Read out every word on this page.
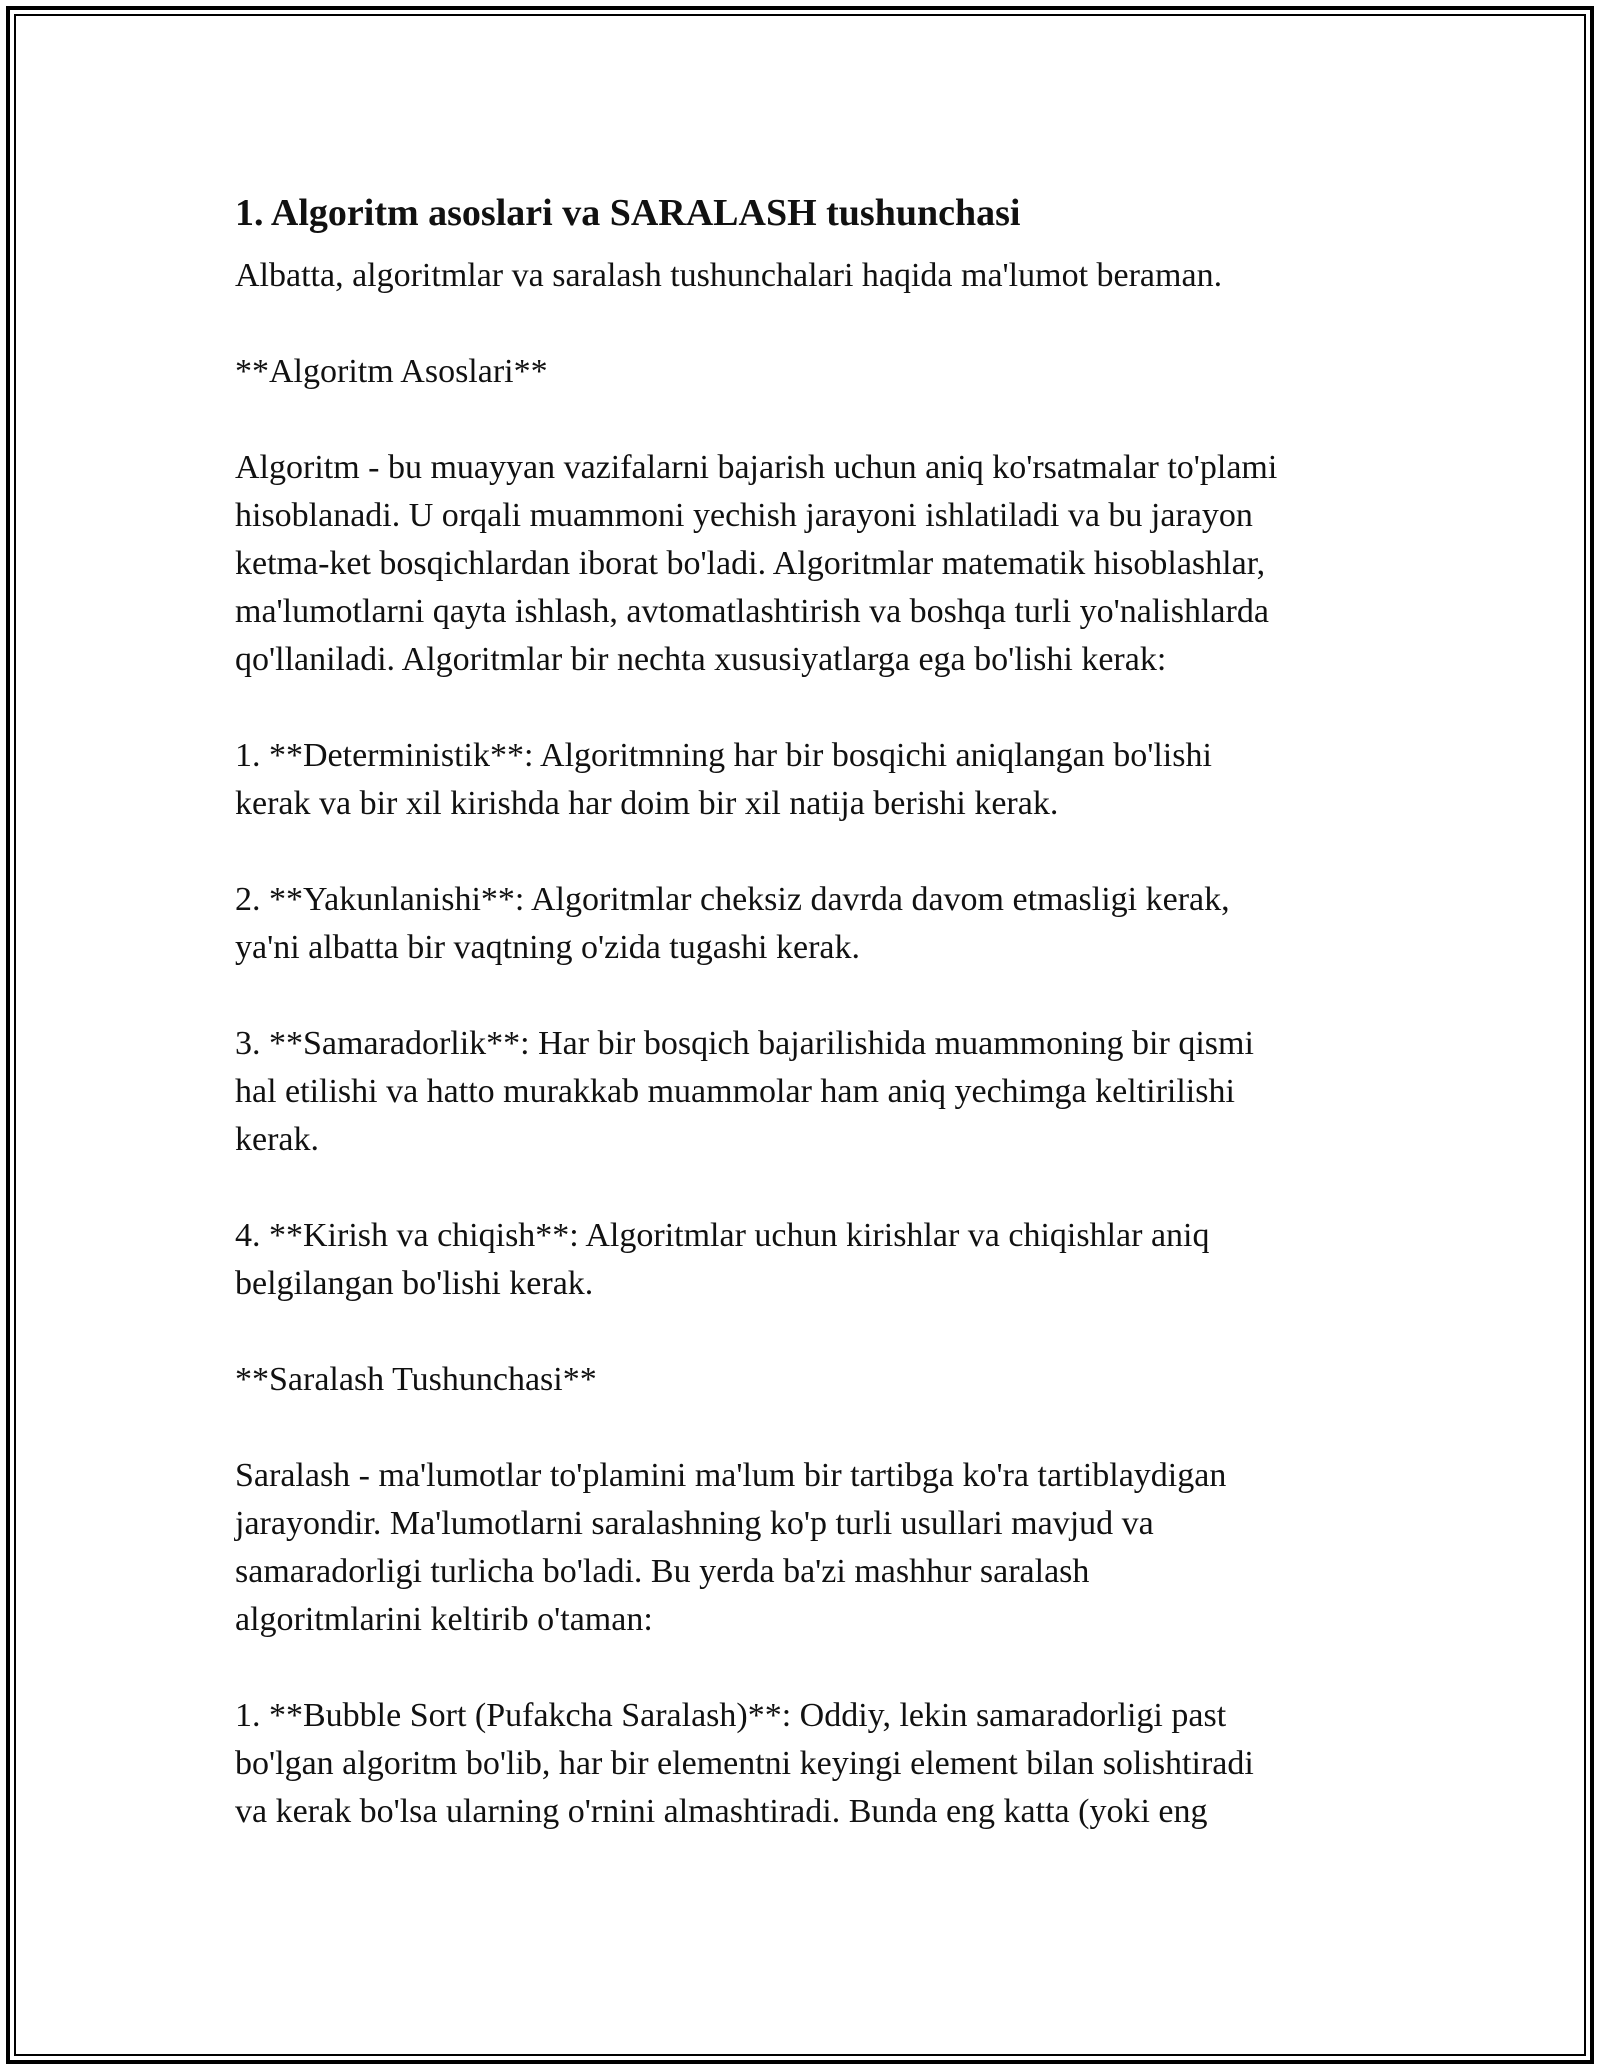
1. Algoritm asoslari va SARALASH tushunchasi

Albatta, algoritmlar va saralash tushunchalari haqida ma'lumot beraman.

**Algoritm Asoslari**

Algoritm - bu muayyan vazifalarni bajarish uchun aniq ko'rsatmalar to'plami
hisoblanadi. U orqali muammoni yechish jarayoni ishlatiladi va bu jarayon
ketma-ket bosqichlardan iborat bo'ladi. Algoritmlar matematik hisoblashlar,
ma'lumotlarni qayta ishlash, avtomatlashtirish va boshqa turli yo'nalishlarda
qo'llaniladi. Algoritmlar bir nechta xususiyatlarga ega bo'lishi kerak:

1. **Deterministik**: Algoritmning har bir bosqichi aniqlangan bo'lishi
kerak va bir xil kirishda har doim bir xil natija berishi kerak.

2. **Yakunlanishi**: Algoritmlar cheksiz davrda davom etmasligi kerak,
ya'ni albatta bir vaqtning o'zida tugashi kerak.

3. **Samaradorlik**: Har bir bosqich bajarilishida muammoning bir qismi
hal etilishi va hatto murakkab muammolar ham aniq yechimga keltirilishi
kerak.

4. **Kirish va chiqish**: Algoritmlar uchun kirishlar va chiqishlar aniq
belgilangan bo'lishi kerak.

**Saralash Tushunchasi**

Saralash - ma'lumotlar to'plamini ma'lum bir tartibga ko'ra tartiblaydigan
jarayondir. Ma'lumotlarni saralashning ko'p turli usullari mavjud va
samaradorligi turlicha bo'ladi. Bu yerda ba'zi mashhur saralash
algoritmlarini keltirib o'taman:

1. **Bubble Sort (Pufakcha Saralash)**: Oddiy, lekin samaradorligi past
bo'lgan algoritm bo'lib, har bir elementni keyingi element bilan solishtiradi
va kerak bo'lsa ularning o'rnini almashtiradi. Bunda eng katta (yoki eng
